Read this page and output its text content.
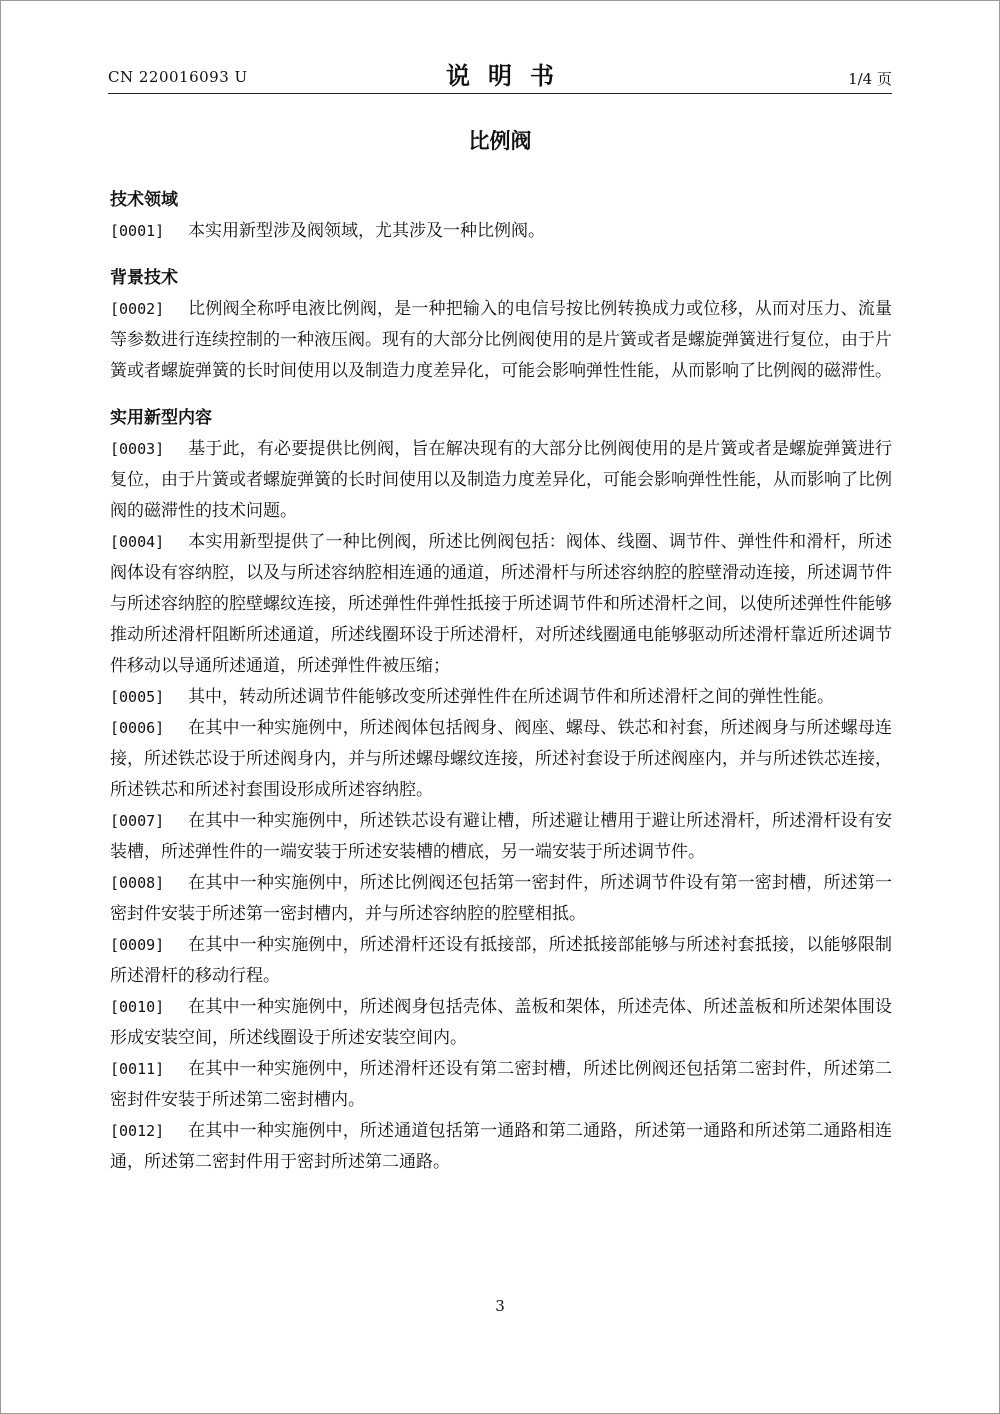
CN 220016093 U	说明书	1/4 页
比例阀
技术领域

[0001] 本实用新型涉及阀领域，尤其涉及一种比例阀。

背景技术

[0002] 比例阀全称呼电液比例阀，是一种把输入的电信号按比例转换成力或位移，从而对压力、流量等参数进行连续控制的一种液压阀。现有的大部分比例阀使用的是片簧或者是螺旋弹簧进行复位，由于片簧或者螺旋弹簧的长时间使用以及制造力度差异化，可能会影响弹性性能，从而影响了比例阀的磁滞性。

实用新型内容

[0003] 基于此，有必要提供比例阀，旨在解决现有的大部分比例阀使用的是片簧或者是螺旋弹簧进行复位，由于片簧或者螺旋弹簧的长时间使用以及制造力度差异化，可能会影响弹性性能，从而影响了比例阀的磁滞性的技术问题。

[0004] 本实用新型提供了一种比例阀，所述比例阀包括：阀体、线圈、调节件、弹性件和滑杆，所述阀体设有容纳腔，以及与所述容纳腔相连通的通道，所述滑杆与所述容纳腔的腔壁滑动连接，所述调节件与所述容纳腔的腔壁螺纹连接，所述弹性件弹性抵接于所述调节件和所述滑杆之间，以使所述弹性件能够推动所述滑杆阻断所述通道，所述线圈环设于所述滑杆，对所述线圈通电能够驱动所述滑杆靠近所述调节件移动以导通所述通道，所述弹性件被压缩；

[0005] 其中，转动所述调节件能够改变所述弹性件在所述调节件和所述滑杆之间的弹性性能。

[0006] 在其中一种实施例中，所述阀体包括阀身、阀座、螺母、铁芯和衬套，所述阀身与所述螺母连接，所述铁芯设于所述阀身内，并与所述螺母螺纹连接，所述衬套设于所述阀座内，并与所述铁芯连接，所述铁芯和所述衬套围设形成所述容纳腔。

[0007] 在其中一种实施例中，所述铁芯设有避让槽，所述避让槽用于避让所述滑杆，所述滑杆设有安装槽，所述弹性件的一端安装于所述安装槽的槽底，另一端安装于所述调节件。

[0008] 在其中一种实施例中，所述比例阀还包括第一密封件，所述调节件设有第一密封槽，所述第一密封件安装于所述第一密封槽内，并与所述容纳腔的腔壁相抵。

[0009] 在其中一种实施例中，所述滑杆还设有抵接部，所述抵接部能够与所述衬套抵接，以能够限制所述滑杆的移动行程。

[0010] 在其中一种实施例中，所述阀身包括壳体、盖板和架体，所述壳体、所述盖板和所述架体围设形成安装空间，所述线圈设于所述安装空间内。

[0011] 在其中一种实施例中，所述滑杆还设有第二密封槽，所述比例阀还包括第二密封件，所述第二密封件安装于所述第二密封槽内。

[0012] 在其中一种实施例中，所述通道包括第一通路和第二通路，所述第一通路和所述第二通路相连通，所述第二密封件用于密封所述第二通路。

3
